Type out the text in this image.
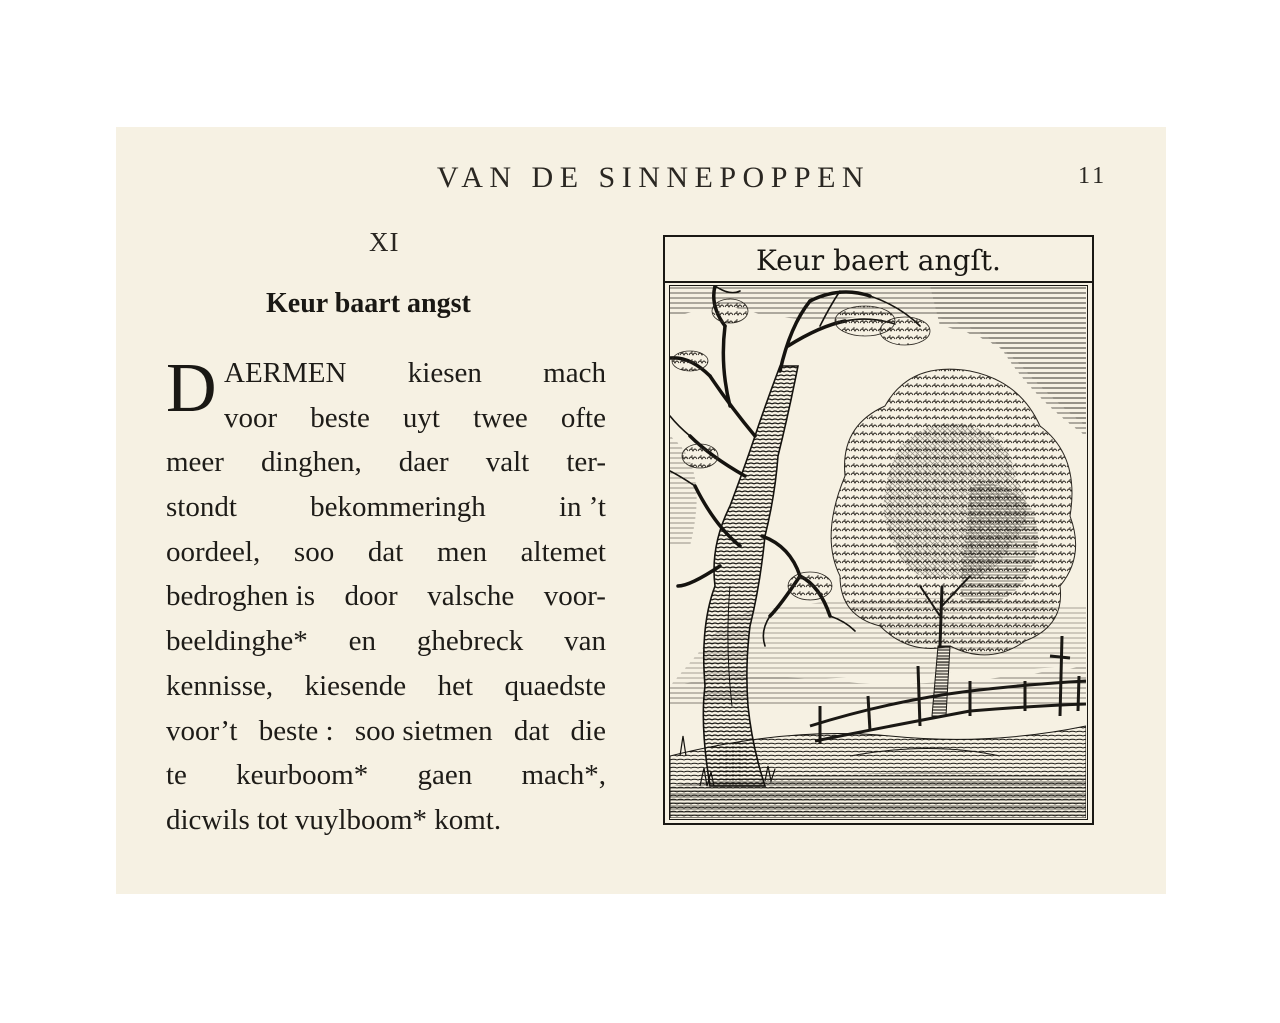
VAN DE SINNEPOPPEN	11
XI
Keur baart angst
D AERMEN kiesen mach
voor beste uyt twee ofte
meer dinghen, daer valt ter-
stondt	bekommeringh	in ’t
oordeel, soo dat men altemet
bedroghen is door valsche voor-
beeldinghe* en ghebreck van
kennisse, kiesende het quaedste
voor’t beste : soo sietmen dat die
te keurboom* gaen mach*,
dicwils tot vuylboom* komt.
Keur baert angſt.
